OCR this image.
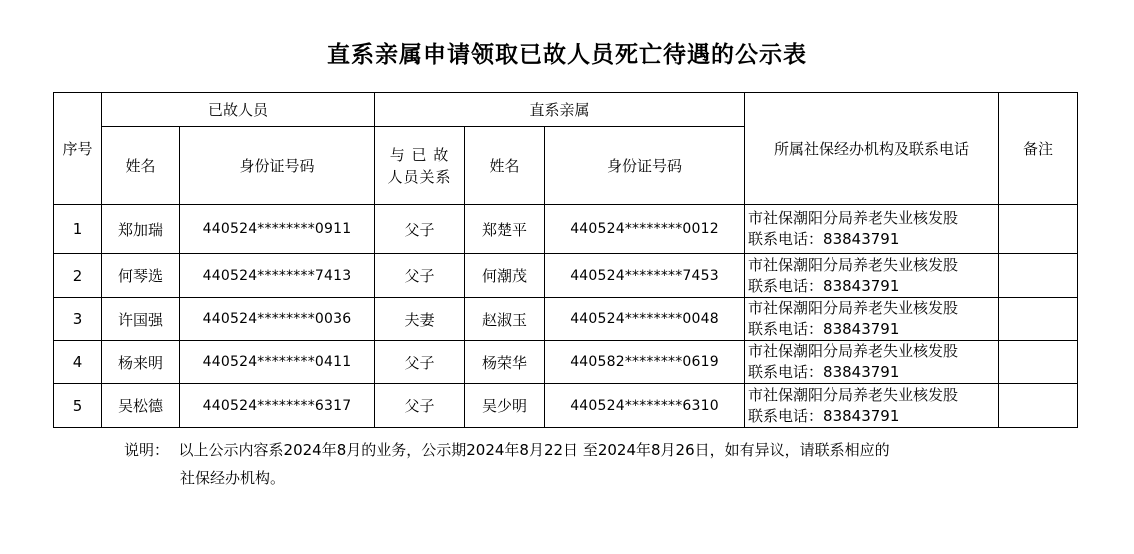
直系亲属申请领取已故人员死亡待遇的公示表
序号	已故人员		直系亲属			所属社保经办机构及联系电话	备注
	姓名	身份证号码	与 已 故
人员关系	姓名	身份证号码		
1	郑加瑞	440524********0911	父子	郑楚平	440524********0012	市社保潮阳分局养老失业核发股
联系电话：83843791	

2	何琴选	440524********7413	父子	何潮茂	440524********7453	市社保潮阳分局养老失业核发股
联系电话：83843791	

3	许国强	440524********0036	夫妻	赵淑玉	440524********0048	市社保潮阳分局养老失业核发股
联系电话：83843791	

4	杨来明	440524********0411	父子	杨荣华	440582********0619	市社保潮阳分局养老失业核发股
联系电话：83843791	

5	吴松德	440524********6317	父子	吴少明	440524********6310	市社保潮阳分局养老失业核发股
联系电话：83843791	

说明：  以上公示内容系2024年8月的业务，公示期2024年8月22日 至2024年8月26日，如有异议，请联系相应的
社保经办机构。
